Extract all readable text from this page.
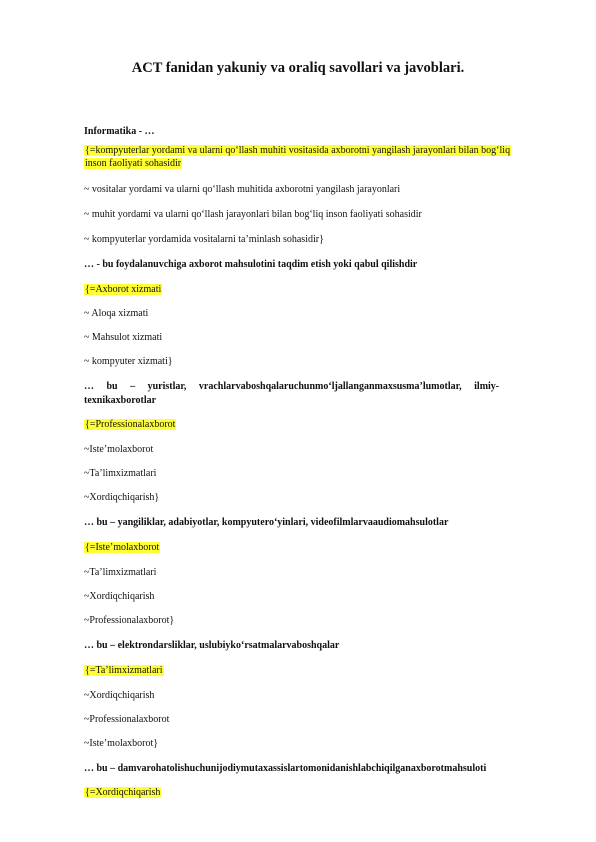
ACT fanidan yakuniy va oraliq savollari va javoblari.
Informatika - …
{=kompyuterlar yordami va ularni qo‘llash muhiti vositasida axborotni yangilash jarayonlari bilan bog‘liq
inson faoliyati sohasidir
~ vositalar yordami va ularni qo‘llash muhitida axborotni yangilash jarayonlari
~ muhit yordami va ularni qo‘llash jarayonlari bilan bog‘liq inson faoliyati sohasidir
~ kompyuterlar yordamida vositalarni ta’minlash sohasidir}
… - bu foydalanuvchiga axborot mahsulotini taqdim etish yoki qabul qilishdir
{=Axborot xizmati
~ Aloqa xizmati
~ Mahsulot xizmati
~ kompyuter xizmati}
…     bu     –     yuristlar,     vrachlarvaboshqalaruchunmo‘ljallanganmaxsusma’lumotlar,     ilmiy-
texnikaxborotlar
{=Professionalaxborot
~Iste’molaxborot
~Ta’limxizmatlari
~Xordiqchiqarish}
… bu – yangiliklar, adabiyotlar, kompyutero‘yinlari, videofilmlarvaaudiomahsulotlar
{=Iste’molaxborot
~Ta’limxizmatlari
~Xordiqchiqarish
~Professionalaxborot}
… bu – elektrondarsliklar, uslubiyko‘rsatmalarvaboshqalar
{=Ta’limxizmatlari
~Xordiqchiqarish
~Professionalaxborot
~Iste’molaxborot}
… bu – damvarohatolishuchunijodiymutaxassislartomonidanishlabchiqilganaxborotmahsuloti
{=Xordiqchiqarish
